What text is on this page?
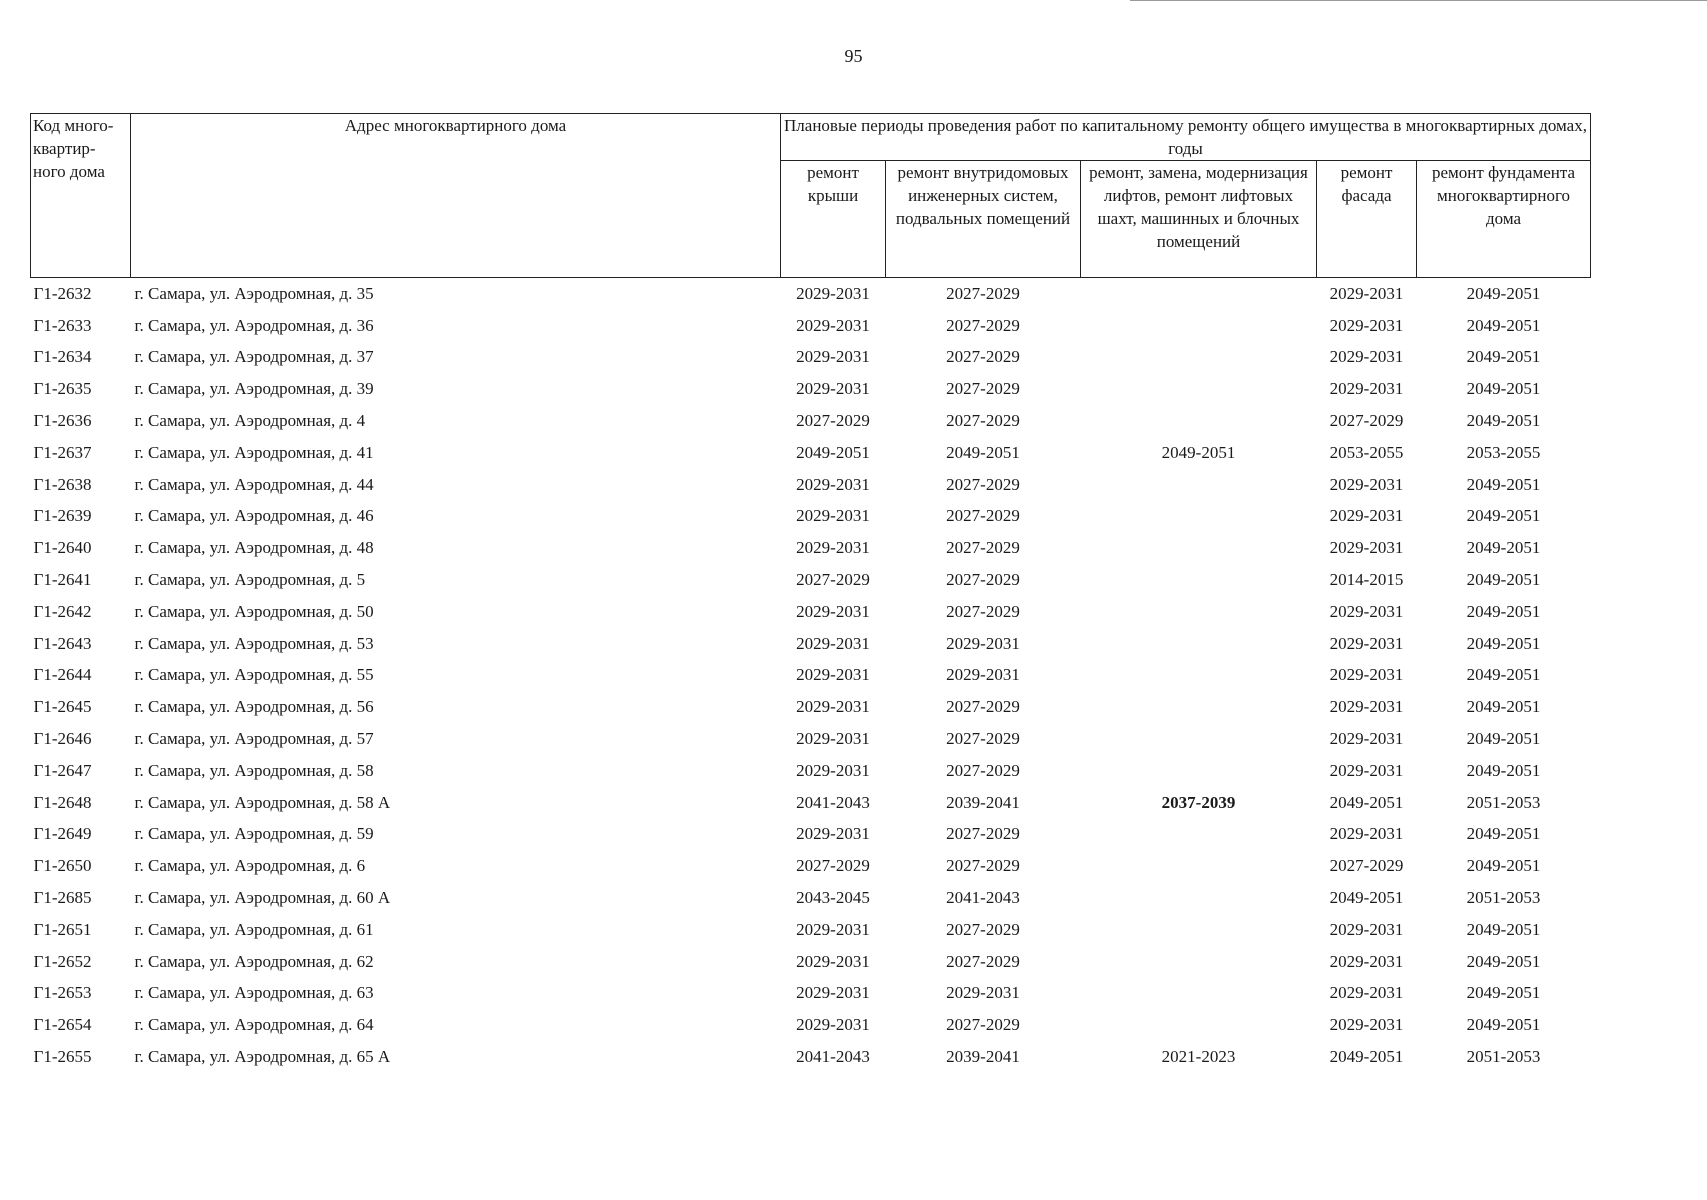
95
Код много-квартир-ного дома	Адрес многоквартирного дома	Плановые периоды проведения работ по капитальному ремонту общего имущества в многоквартирных домах, годы				
		ремонт крыши	ремонт внутридомовых инженерных систем, подвальных помещений	ремонт, замена, модернизация лифтов, ремонт лифтовых шахт, машинных и блочных помещений	ремонт фасада	ремонт фундамента многоквартирного дома
Г1-2632	г. Самара, ул. Аэродромная, д. 35	2029-2031	2027-2029		2029-2031	2049-2051
Г1-2633	г. Самара, ул. Аэродромная, д. 36	2029-2031	2027-2029		2029-2031	2049-2051
Г1-2634	г. Самара, ул. Аэродромная, д. 37	2029-2031	2027-2029		2029-2031	2049-2051
Г1-2635	г. Самара, ул. Аэродромная, д. 39	2029-2031	2027-2029		2029-2031	2049-2051
Г1-2636	г. Самара, ул. Аэродромная, д. 4	2027-2029	2027-2029		2027-2029	2049-2051
Г1-2637	г. Самара, ул. Аэродромная, д. 41	2049-2051	2049-2051	2049-2051	2053-2055	2053-2055
Г1-2638	г. Самара, ул. Аэродромная, д. 44	2029-2031	2027-2029		2029-2031	2049-2051
Г1-2639	г. Самара, ул. Аэродромная, д. 46	2029-2031	2027-2029		2029-2031	2049-2051
Г1-2640	г. Самара, ул. Аэродромная, д. 48	2029-2031	2027-2029		2029-2031	2049-2051
Г1-2641	г. Самара, ул. Аэродромная, д. 5	2027-2029	2027-2029		2014-2015	2049-2051
Г1-2642	г. Самара, ул. Аэродромная, д. 50	2029-2031	2027-2029		2029-2031	2049-2051
Г1-2643	г. Самара, ул. Аэродромная, д. 53	2029-2031	2029-2031		2029-2031	2049-2051
Г1-2644	г. Самара, ул. Аэродромная, д. 55	2029-2031	2029-2031		2029-2031	2049-2051
Г1-2645	г. Самара, ул. Аэродромная, д. 56	2029-2031	2027-2029		2029-2031	2049-2051
Г1-2646	г. Самара, ул. Аэродромная, д. 57	2029-2031	2027-2029		2029-2031	2049-2051
Г1-2647	г. Самара, ул. Аэродромная, д. 58	2029-2031	2027-2029		2029-2031	2049-2051
Г1-2648	г. Самара, ул. Аэродромная, д. 58 А	2041-2043	2039-2041	2037-2039	2049-2051	2051-2053
Г1-2649	г. Самара, ул. Аэродромная, д. 59	2029-2031	2027-2029		2029-2031	2049-2051
Г1-2650	г. Самара, ул. Аэродромная, д. 6	2027-2029	2027-2029		2027-2029	2049-2051
Г1-2685	г. Самара, ул. Аэродромная, д. 60 А	2043-2045	2041-2043		2049-2051	2051-2053
Г1-2651	г. Самара, ул. Аэродромная, д. 61	2029-2031	2027-2029		2029-2031	2049-2051
Г1-2652	г. Самара, ул. Аэродромная, д. 62	2029-2031	2027-2029		2029-2031	2049-2051
Г1-2653	г. Самара, ул. Аэродромная, д. 63	2029-2031	2029-2031		2029-2031	2049-2051
Г1-2654	г. Самара, ул. Аэродромная, д. 64	2029-2031	2027-2029		2029-2031	2049-2051
Г1-2655	г. Самара, ул. Аэродромная, д. 65 А	2041-2043	2039-2041	2021-2023	2049-2051	2051-2053
